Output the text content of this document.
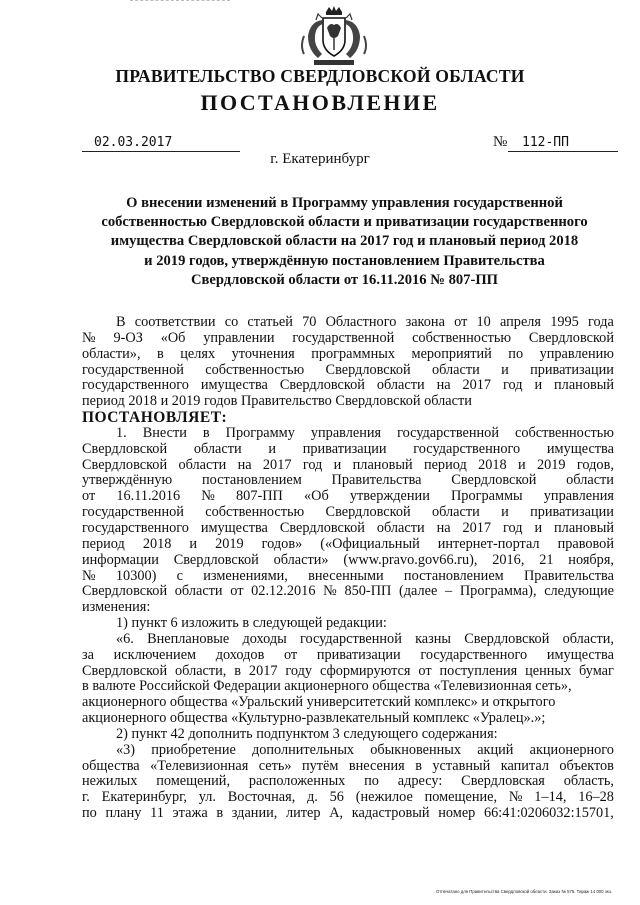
ПРАВИТЕЛЬСТВО СВЕРДЛОВСКОЙ ОБЛАСТИ
ПОСТАНОВЛЕНИЕ
02.03.2017	№	112-ПП
г. Екатеринбург
О внесении изменений в Программу управления государственной
собственностью Свердловской области и приватизации государственного
имущества Свердловской области на 2017 год и плановый период 2018
и 2019 годов, утверждённую постановлением Правительства
Свердловской области от 16.11.2016 № 807-ПП
В соответствии со статьей 70 Областного закона от 10 апреля 1995 года
№ 9-ОЗ «Об управлении государственной собственностью Свердловской
области», в целях уточнения программных мероприятий по управлению
государственной собственностью Свердловской области и приватизации
государственного имущества Свердловской области на 2017 год и плановый
период 2018 и 2019 годов Правительство Свердловской области
ПОСТАНОВЛЯЕТ:
1. Внести в Программу управления государственной собственностью
Свердловской области и приватизации государственного имущества
Свердловской области на 2017 год и плановый период 2018 и 2019 годов,
утверждённую постановлением Правительства Свердловской области
от 16.11.2016 № 807-ПП «Об утверждении Программы управления
государственной собственностью Свердловской области и приватизации
государственного имущества Свердловской области на 2017 год и плановый
период 2018 и 2019 годов» («Официальный интернет-портал правовой
информации Свердловской области» (www.pravo.gov66.ru), 2016, 21 ноября,
№ 10300) с изменениями, внесенными постановлением Правительства
Свердловской области от 02.12.2016 № 850-ПП (далее – Программа), следующие
изменения:
1) пункт 6 изложить в следующей редакции:
«6. Внеплановые доходы государственной казны Свердловской области,
за исключением доходов от приватизации государственного имущества
Свердловской области, в 2017 году сформируются от поступления ценных бумаг
в валюте Российской Федерации акционерного общества «Телевизионная сеть»,
акционерного общества «Уральский университетский комплекс» и открытого
акционерного общества «Культурно-развлекательный комплекс «Уралец».»;
2) пункт 42 дополнить подпунктом 3 следующего содержания:
«3) приобретение дополнительных обыкновенных акций акционерного
общества «Телевизионная сеть» путём внесения в уставный капитал объектов
нежилых помещений, расположенных по адресу: Свердловская область,
г. Екатеринбург, ул. Восточная, д. 56 (нежилое помещение, № 1–14, 16–28
по плану 11 этажа в здании, литер А, кадастровый номер 66:41:0206032:15701,
Отпечатано для Правительства Свердловской области. Заказ № 575. Тираж 14 000 экз.
